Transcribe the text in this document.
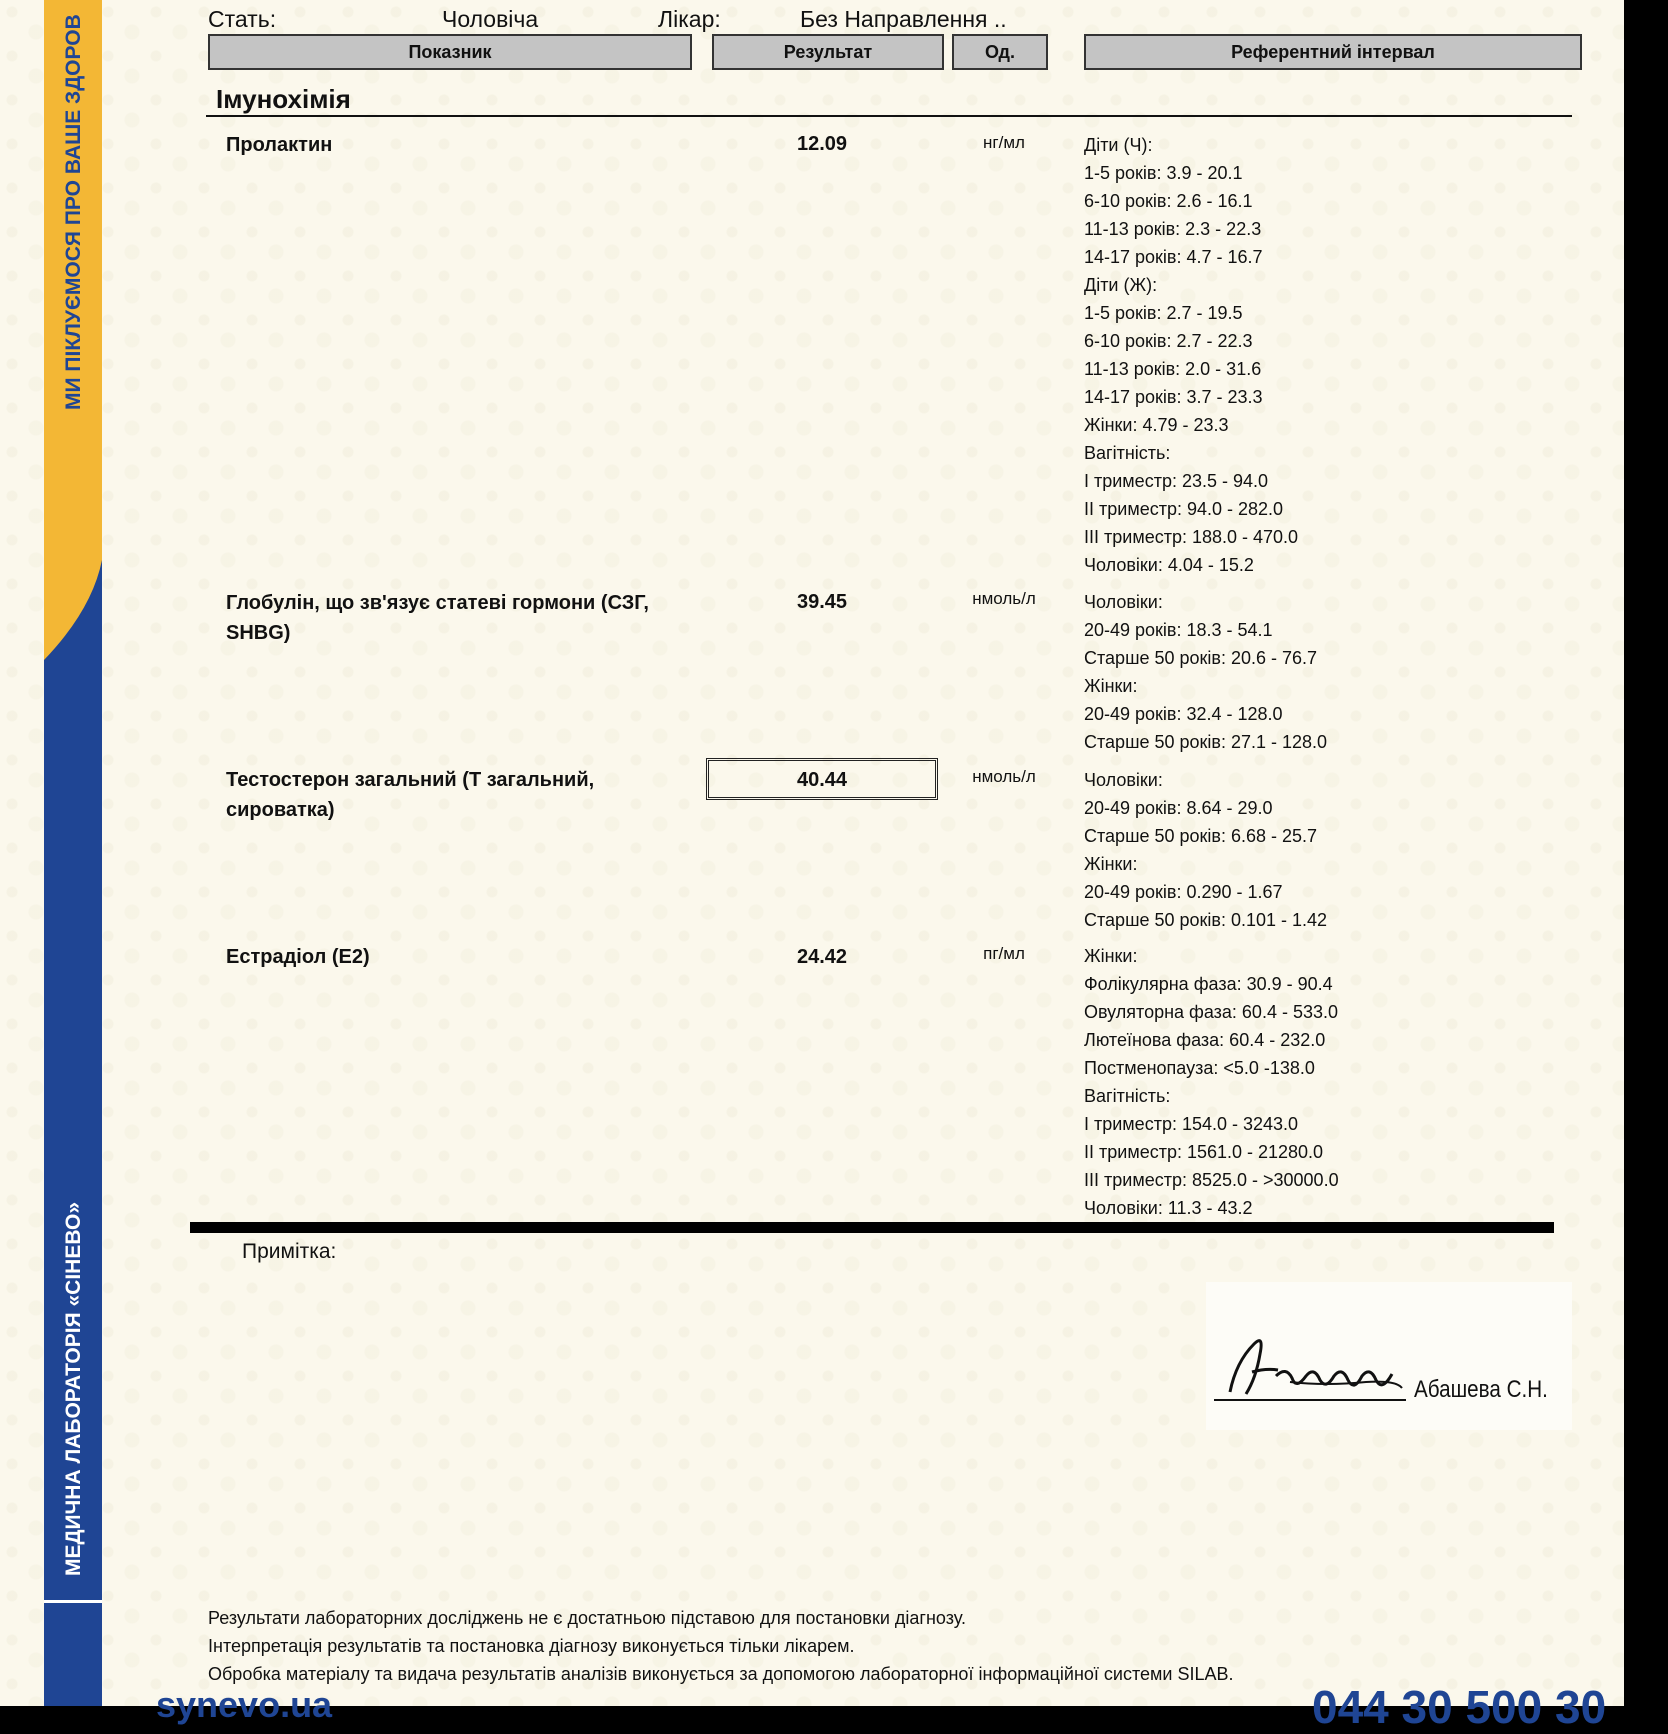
МИ ПІКЛУЄМОСЯ ПРО ВАШЕ ЗДОРОВ
МЕДИЧНА ЛАБОРАТОРІЯ «СІНЕВО»
Стать:	Чоловіча	Лікар:	Без Направлення ..
Показник	Результат	Од.	Референтний інтервал
Імунохімія
Пролактин	12.09	нг/мл	Діти (Ч):
1-5 років: 3.9 - 20.1
6-10 років: 2.6 - 16.1
11-13 років: 2.3 - 22.3
14-17 років: 4.7 - 16.7
Діти (Ж):
1-5 років: 2.7 - 19.5
6-10 років: 2.7 - 22.3
11-13 років: 2.0 - 31.6
14-17 років: 3.7 - 23.3
Жінки: 4.79 - 23.3
Вагітність:
I триместр: 23.5 - 94.0
II триместр: 94.0 - 282.0
III триместр: 188.0 - 470.0
Чоловіки: 4.04 - 15.2
Глобулін, що зв'язує статеві гормони (СЗГ, SHBG)
39.45	нмоль/л	Чоловіки:
20-49 років: 18.3 - 54.1
Старше 50 років: 20.6 - 76.7
Жінки:
20-49 років: 32.4 - 128.0
Старше 50 років: 27.1 - 128.0
Тестостерон загальний (Т загальний, сироватка)
40.44	нмоль/л	Чоловіки:
20-49 років: 8.64 - 29.0
Старше 50 років: 6.68 - 25.7
Жінки:
20-49 років: 0.290 - 1.67
Старше 50 років: 0.101 - 1.42
Естрадіол (E2)	24.42	пг/мл	Жінки:
Фолікулярна фаза: 30.9 - 90.4
Овуляторна фаза: 60.4 - 533.0
Лютеїнова фаза: 60.4 - 232.0
Постменопауза: <5.0 -138.0
Вагітність:
I триместр: 154.0 - 3243.0
II триместр: 1561.0 - 21280.0
III триместр: 8525.0 - >30000.0
Чоловіки: 11.3 - 43.2
Примітка:
Абашева С.Н.
Результати лабораторних досліджень не є достатньою підставою для постановки діагнозу.
Інтерпретація результатів та постановка діагнозу виконується тільки лікарем.
Обробка матеріалу та видача результатів аналізів виконується за допомогою лабораторної інформаційної системи SILAB.
synevo.ua	044 30 500 30
